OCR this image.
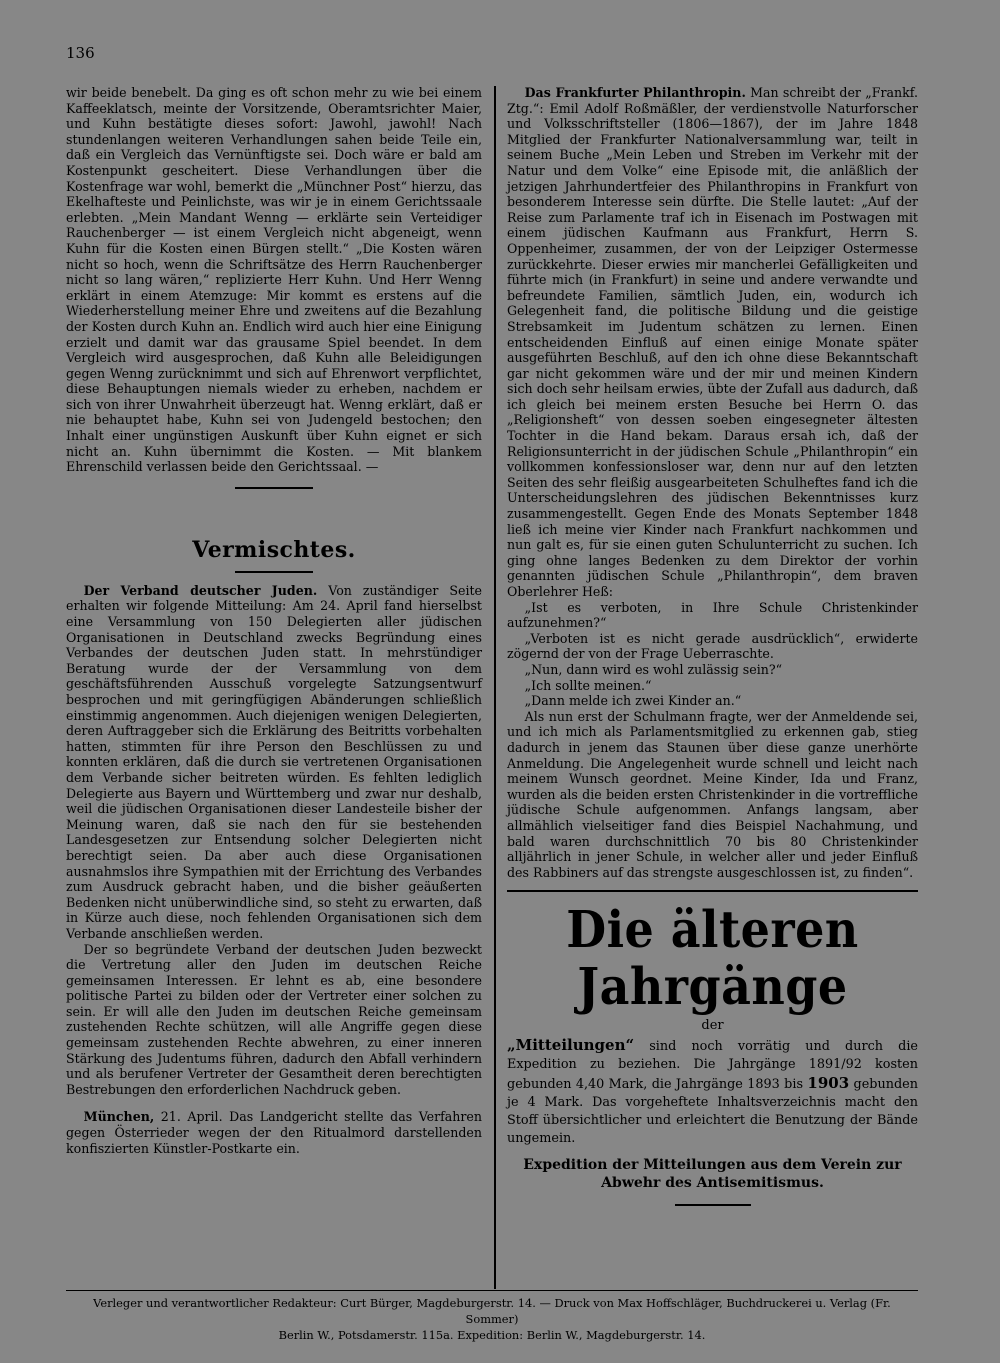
136

wir beide benebelt. Da ging es oft schon mehr zu wie bei einem Kaffeeklatsch, meinte der Vorsitzende, Oberamtsrichter Maier, und Kuhn bestätigte dieses sofort: Jawohl, jawohl! Nach stundenlangen weiteren Verhandlungen sahen beide Teile ein, daß ein Vergleich das Vernünftigste sei. Doch wäre er bald am Kostenpunkt gescheitert. Diese Verhandlungen über die Kostenfrage war wohl, bemerkt die „Münchner Post“ hierzu, das Ekelhafteste und Peinlichste, was wir je in einem Gerichtssaale erlebten. „Mein Mandant Wenng — erklärte sein Verteidiger Rauchenberger — ist einem Vergleich nicht abgeneigt, wenn Kuhn für die Kosten einen Bürgen stellt.“ „Die Kosten wären nicht so hoch, wenn die Schriftsätze des Herrn Rauchenberger nicht so lang wären,“ replizierte Herr Kuhn. Und Herr Wenng erklärt in einem Atemzuge: Mir kommt es erstens auf die Wiederherstellung meiner Ehre und zweitens auf die Bezahlung der Kosten durch Kuhn an. Endlich wird auch hier eine Einigung erzielt und damit war das grausame Spiel beendet. In dem Vergleich wird ausgesprochen, daß Kuhn alle Beleidigungen gegen Wenng zurücknimmt und sich auf Ehrenwort verpflichtet, diese Behauptungen niemals wieder zu erheben, nachdem er sich von ihrer Unwahrheit überzeugt hat. Wenng erklärt, daß er nie behauptet habe, Kuhn sei von Judengeld bestochen; den Inhalt einer ungünstigen Auskunft über Kuhn eignet er sich nicht an. Kuhn übernimmt die Kosten. — Mit blankem Ehrenschild verlassen beide den Gerichtssaal. —

Vermischtes.

Der Verband deutscher Juden. Von zuständiger Seite erhalten wir folgende Mitteilung: Am 24. April fand hierselbst eine Versammlung von 150 Delegierten aller jüdischen Organisationen in Deutschland zwecks Begründung eines Verbandes der deutschen Juden statt. In mehrstündiger Beratung wurde der der Versammlung von dem geschäftsführenden Ausschuß vorgelegte Satzungsentwurf besprochen und mit geringfügigen Abänderungen schließlich einstimmig angenommen. Auch diejenigen wenigen Delegierten, deren Auftraggeber sich die Erklärung des Beitritts vorbehalten hatten, stimmten für ihre Person den Beschlüssen zu und konnten erklären, daß die durch sie vertretenen Organisationen dem Verbande sicher beitreten würden. Es fehlten lediglich Delegierte aus Bayern und Württemberg und zwar nur deshalb, weil die jüdischen Organisationen dieser Landesteile bisher der Meinung waren, daß sie nach den für sie bestehenden Landesgesetzen zur Entsendung solcher Delegierten nicht berechtigt seien. Da aber auch diese Organisationen ausnahmslos ihre Sympathien mit der Errichtung des Verbandes zum Ausdruck gebracht haben, und die bisher geäußerten Bedenken nicht unüberwindliche sind, so steht zu erwarten, daß in Kürze auch diese, noch fehlenden Organisationen sich dem Verbande anschließen werden.

Der so begründete Verband der deutschen Juden bezweckt die Vertretung aller den Juden im deutschen Reiche gemeinsamen Interessen. Er lehnt es ab, eine besondere politische Partei zu bilden oder der Vertreter einer solchen zu sein. Er will alle den Juden im deutschen Reiche gemeinsam zustehenden Rechte schützen, will alle Angriffe gegen diese gemeinsam zustehenden Rechte abwehren, zu einer inneren Stärkung des Judentums führen, dadurch den Abfall verhindern und als berufener Vertreter der Gesamtheit deren berechtigten Bestrebungen den erforderlichen Nachdruck geben.

München, 21. April. Das Landgericht stellte das Verfahren gegen Österrieder wegen der den Ritualmord darstellenden konfiszierten Künstler-Postkarte ein.

Das Frankfurter Philanthropin. Man schreibt der „Frankf. Ztg.“: Emil Adolf Roßmäßler, der verdienstvolle Naturforscher und Volksschriftsteller (1806—1867), der im Jahre 1848 Mitglied der Frankfurter Nationalversammlung war, teilt in seinem Buche „Mein Leben und Streben im Verkehr mit der Natur und dem Volke“ eine Episode mit, die anläßlich der jetzigen Jahrhundertfeier des Philanthropins in Frankfurt von besonderem Interesse sein dürfte. Die Stelle lautet: „Auf der Reise zum Parlamente traf ich in Eisenach im Postwagen mit einem jüdischen Kaufmann aus Frankfurt, Herrn S. Oppenheimer, zusammen, der von der Leipziger Ostermesse zurückkehrte. Dieser erwies mir mancherlei Gefälligkeiten und führte mich (in Frankfurt) in seine und andere verwandte und befreundete Familien, sämtlich Juden, ein, wodurch ich Gelegenheit fand, die politische Bildung und die geistige Strebsamkeit im Judentum schätzen zu lernen. Einen entscheidenden Einfluß auf einen einige Monate später ausgeführten Beschluß, auf den ich ohne diese Bekanntschaft gar nicht gekommen wäre und der mir und meinen Kindern sich doch sehr heilsam erwies, übte der Zufall aus dadurch, daß ich gleich bei meinem ersten Besuche bei Herrn O. das „Religionsheft“ von dessen soeben eingesegneter ältesten Tochter in die Hand bekam. Daraus ersah ich, daß der Religionsunterricht in der jüdischen Schule „Philanthropin“ ein vollkommen konfessionsloser war, denn nur auf den letzten Seiten des sehr fleißig ausgearbeiteten Schulheftes fand ich die Unterscheidungslehren des jüdischen Bekenntnisses kurz zusammengestellt. Gegen Ende des Monats September 1848 ließ ich meine vier Kinder nach Frankfurt nachkommen und nun galt es, für sie einen guten Schulunterricht zu suchen. Ich ging ohne langes Bedenken zu dem Direktor der vorhin genannten jüdischen Schule „Philanthropin“, dem braven Oberlehrer Heß:

„Ist es verboten, in Ihre Schule Christenkinder aufzunehmen?“

„Verboten ist es nicht gerade ausdrücklich“, erwiderte zögernd der von der Frage Ueberraschte.

„Nun, dann wird es wohl zulässig sein?“

„Ich sollte meinen.“

„Dann melde ich zwei Kinder an.“

Als nun erst der Schulmann fragte, wer der Anmeldende sei, und ich mich als Parlamentsmitglied zu erkennen gab, stieg dadurch in jenem das Staunen über diese ganze unerhörte Anmeldung. Die Angelegenheit wurde schnell und leicht nach meinem Wunsch geordnet. Meine Kinder, Ida und Franz, wurden als die beiden ersten Christenkinder in die vortreffliche jüdische Schule aufgenommen. Anfangs langsam, aber allmählich vielseitiger fand dies Beispiel Nachahmung, und bald waren durchschnittlich 70 bis 80 Christenkinder alljährlich in jener Schule, in welcher aller und jeder Einfluß des Rabbiners auf das strengste ausgeschlossen ist, zu finden“.

Die älteren Jahrgänge
der

„Mitteilungen“ sind noch vorrätig und durch die Expedition zu beziehen. Die Jahrgänge 1891/92 kosten gebunden 4,40 Mark, die Jahrgänge 1893 bis 1903 gebunden je 4 Mark. Das vorgeheftete Inhaltsverzeichnis macht den Stoff übersichtlicher und erleichtert die Benutzung der Bände ungemein.

Expedition der Mitteilungen aus dem Verein zur Abwehr des Antisemitismus.
Verleger und verantwortlicher Redakteur: Curt Bürger, Magdeburgerstr. 14. — Druck von Max Hoffschläger, Buchdruckerei u. Verlag (Fr. Sommer)
Berlin W., Potsdamerstr. 115a. Expedition: Berlin W., Magdeburgerstr. 14.
